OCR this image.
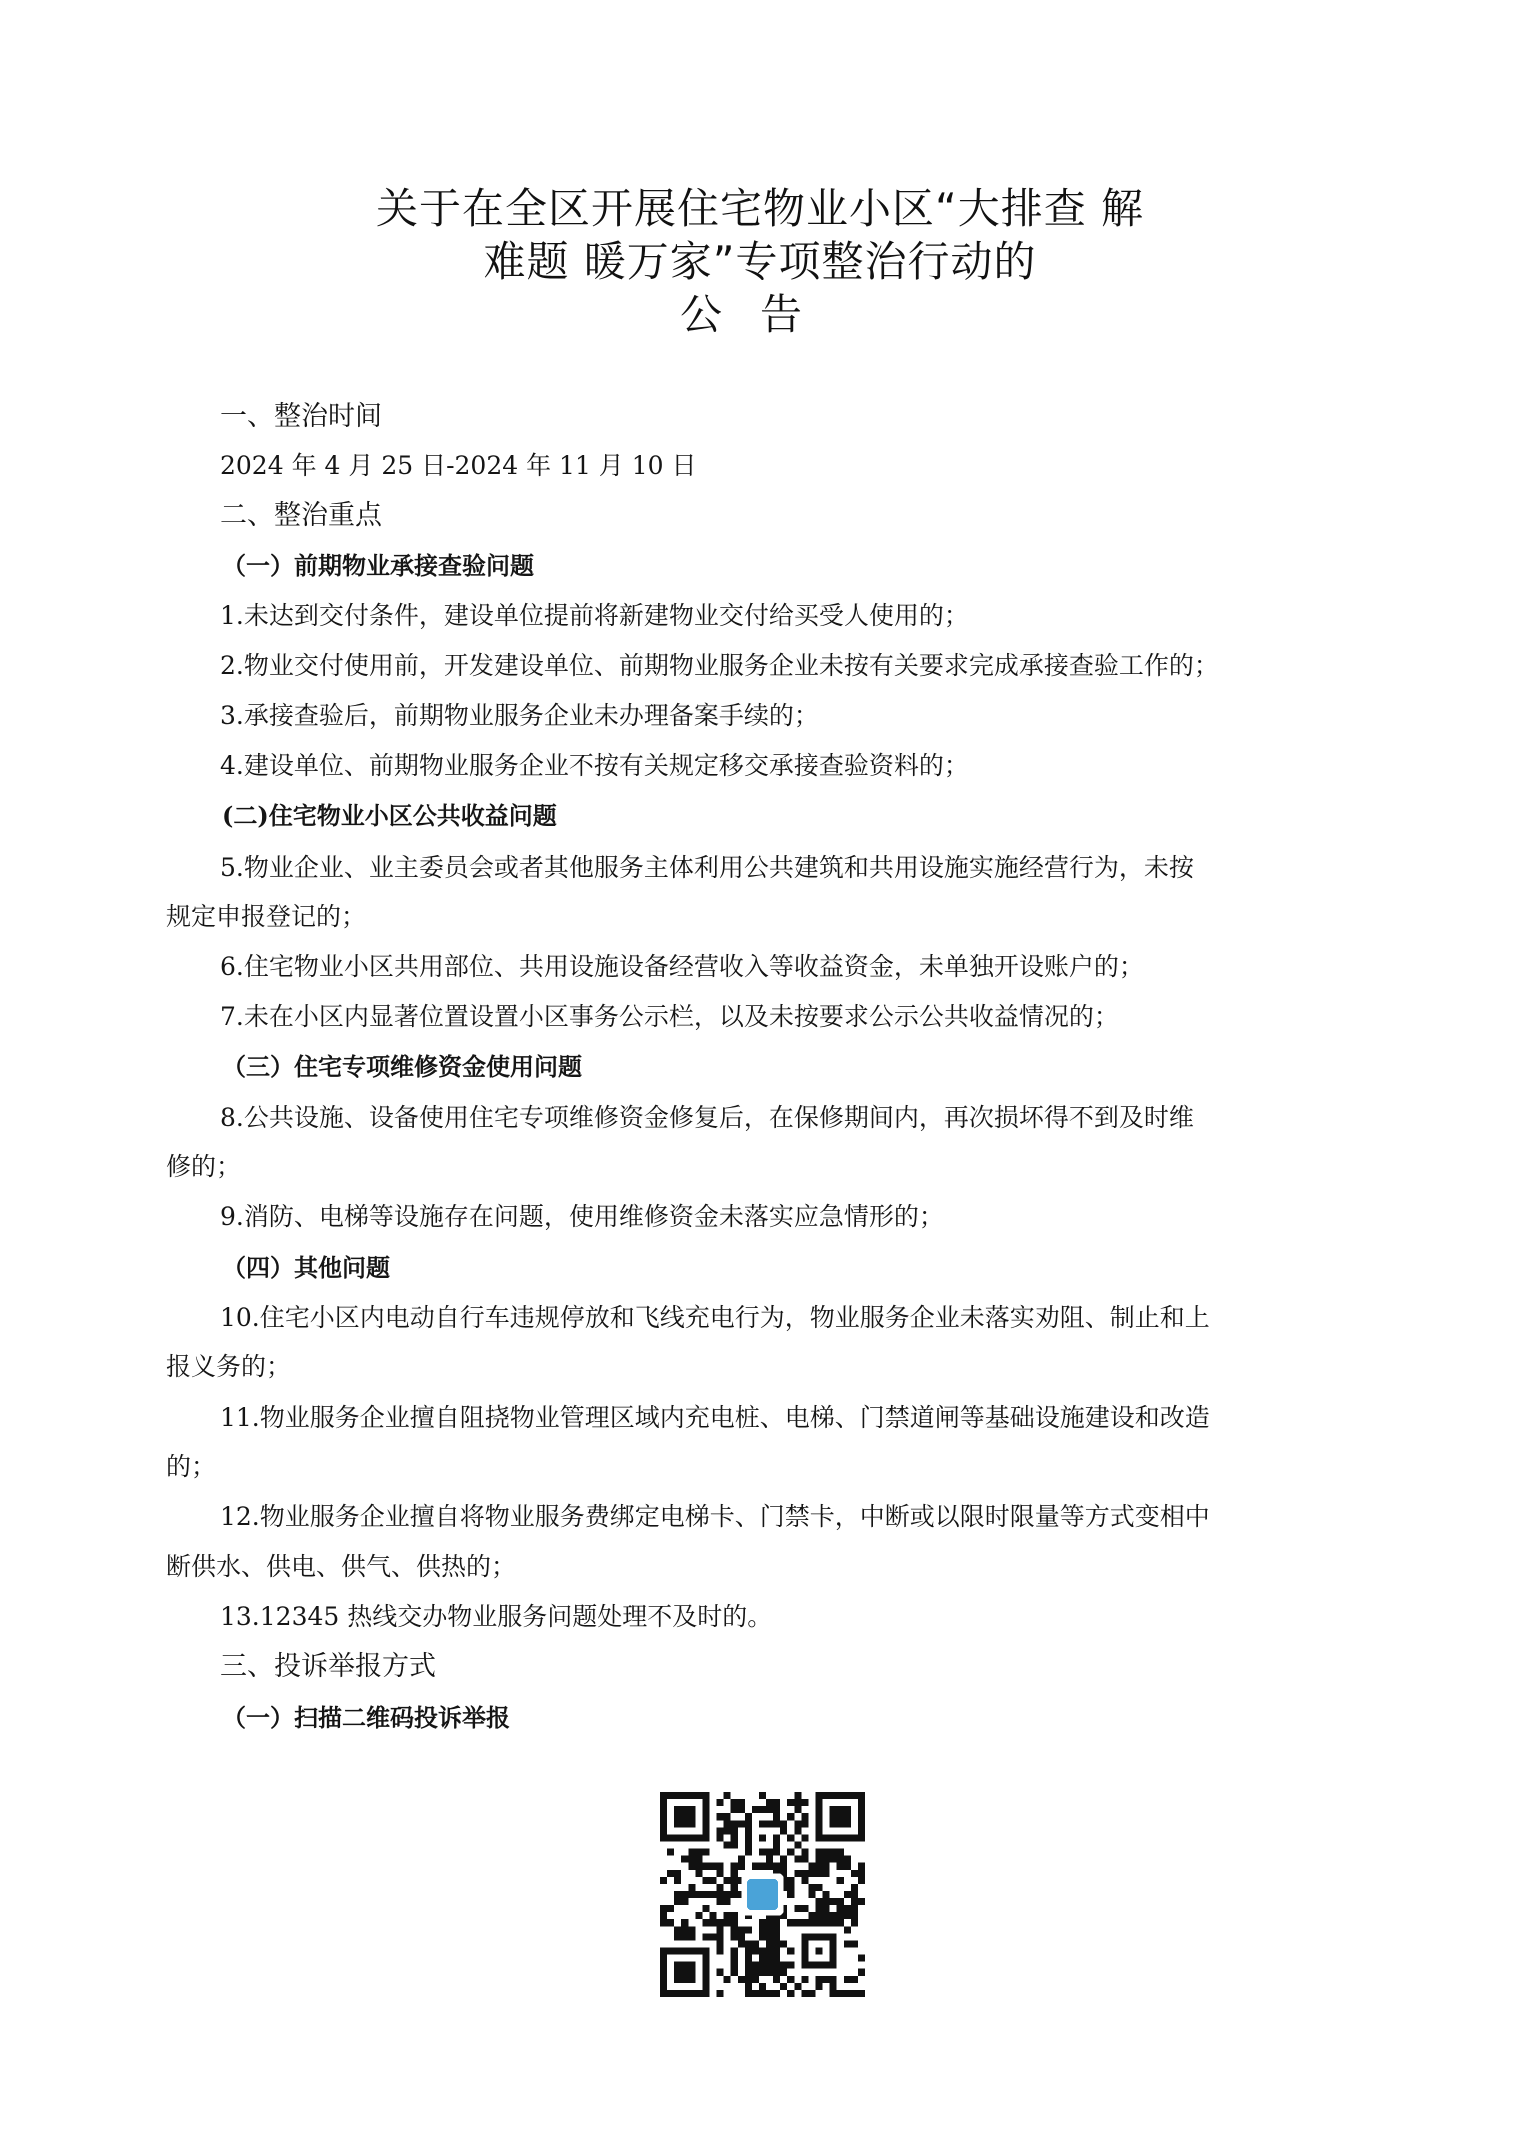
关于在全区开展住宅物业小区“大排查 解
难题 暖万家”专项整治行动的
公告
一、整治时间
2024 年 4 月 25 日-2024 年 11 月 10 日
二、整治重点
（一）前期物业承接查验问题
1.未达到交付条件，建设单位提前将新建物业交付给买受人使用的；
2.物业交付使用前，开发建设单位、前期物业服务企业未按有关要求完成承接查验工作的；
3.承接查验后，前期物业服务企业未办理备案手续的；
4.建设单位、前期物业服务企业不按有关规定移交承接查验资料的；
(二)住宅物业小区公共收益问题
5.物业企业、业主委员会或者其他服务主体利用公共建筑和共用设施实施经营行为，未按
规定申报登记的；
6.住宅物业小区共用部位、共用设施设备经营收入等收益资金，未单独开设账户的；
7.未在小区内显著位置设置小区事务公示栏，以及未按要求公示公共收益情况的；
（三）住宅专项维修资金使用问题
8.公共设施、设备使用住宅专项维修资金修复后，在保修期间内，再次损坏得不到及时维
修的；
9.消防、电梯等设施存在问题，使用维修资金未落实应急情形的；
（四）其他问题
10.住宅小区内电动自行车违规停放和飞线充电行为，物业服务企业未落实劝阻、制止和上
报义务的；
11.物业服务企业擅自阻挠物业管理区域内充电桩、电梯、门禁道闸等基础设施建设和改造
的；
12.物业服务企业擅自将物业服务费绑定电梯卡、门禁卡，中断或以限时限量等方式变相中
断供水、供电、供气、供热的；
13.12345 热线交办物业服务问题处理不及时的。
三、投诉举报方式
（一）扫描二维码投诉举报
